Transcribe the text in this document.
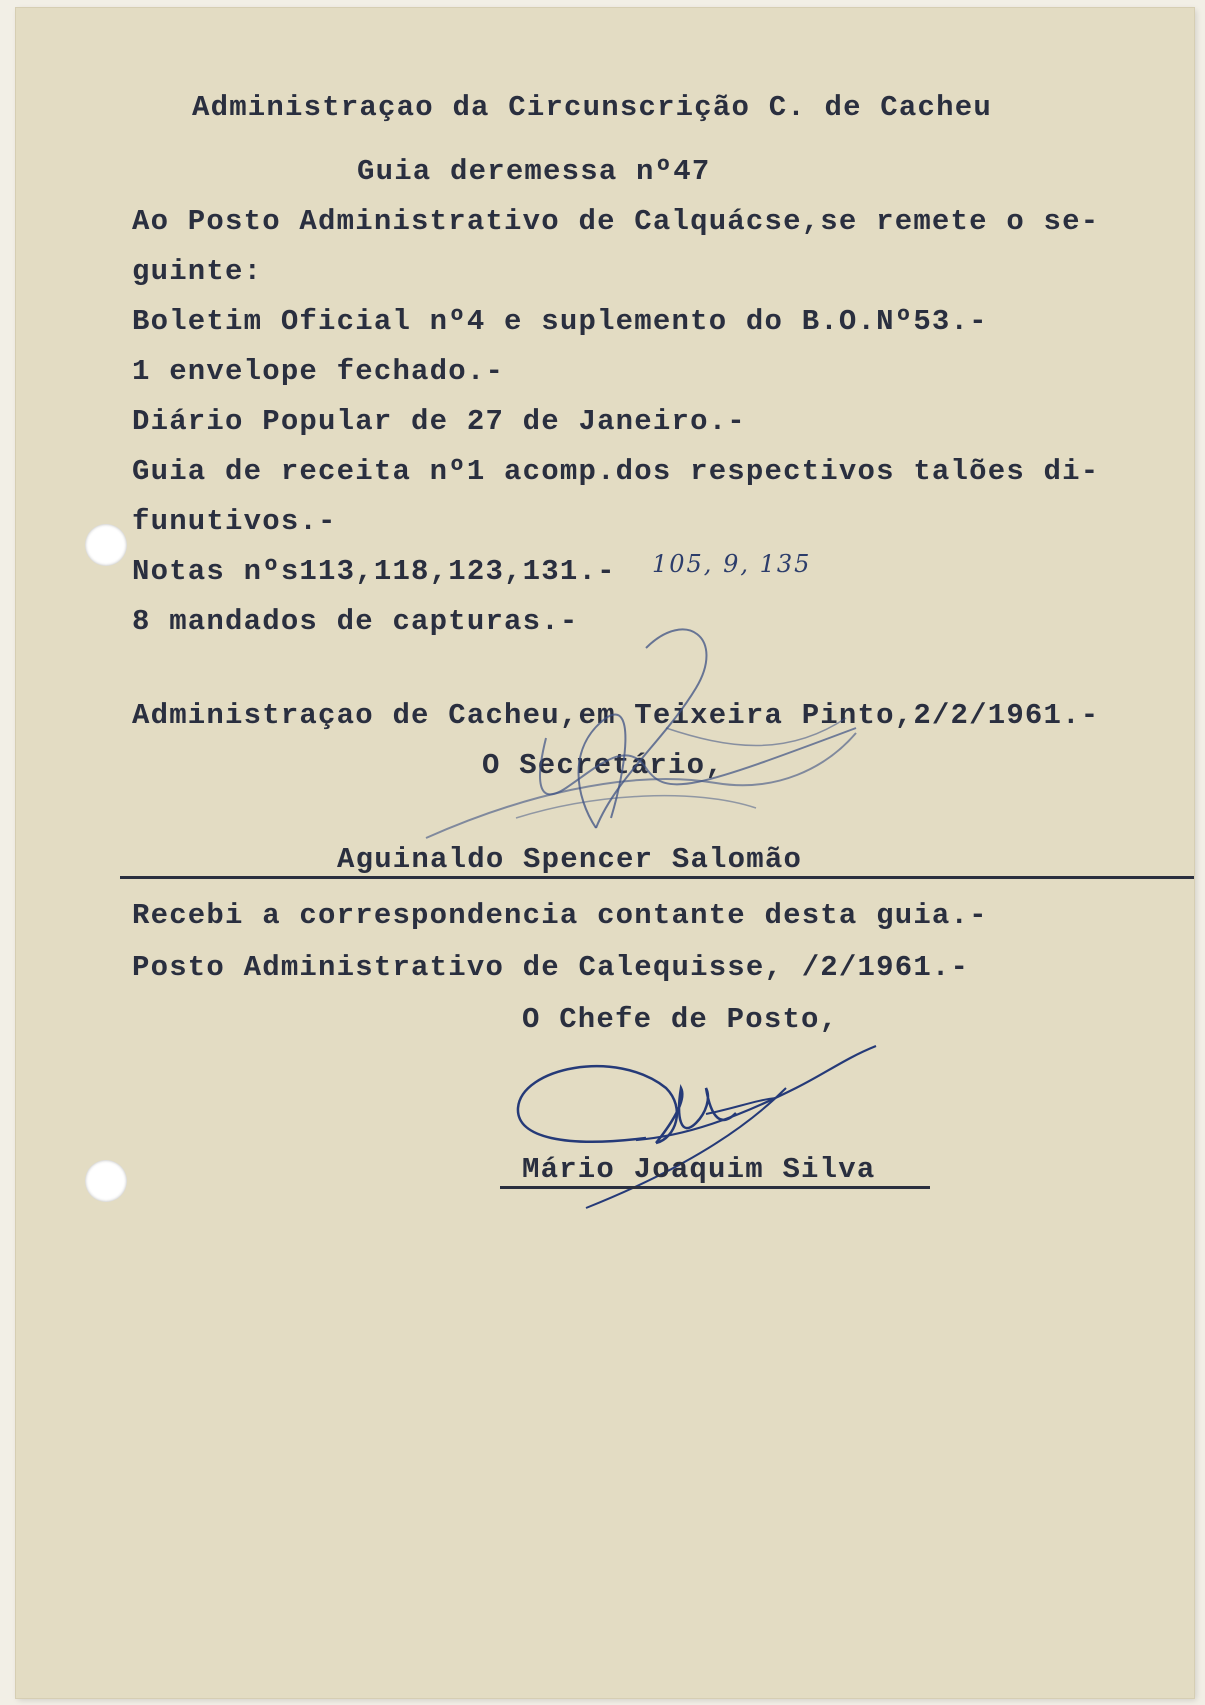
Administraçao da Circunscrição C. de Cacheu

Guia deremessa nº47

Ao Posto Administrativo de Calquácse,se remete o se-

guinte:

Boletim Oficial nº4 e suplemento do B.O.Nº53.-

1 envelope fechado.-

Diário Popular de 27 de Janeiro.-

Guia de receita nº1 acomp.dos respectivos talões di-

funutivos.-

Notas nºs113,118,123,131.- 105, 9, 135

8 mandados de capturas.-

Administraçao de Cacheu,em Teixeira Pinto,2/2/1961.-

O Secretário,

Aguinaldo Spencer Salomão

Recebi a correspondencia contante desta guia.-

Posto Administrativo de Calequisse, /2/1961.-

O Chefe de Posto,

Mário Joaquim Silva
